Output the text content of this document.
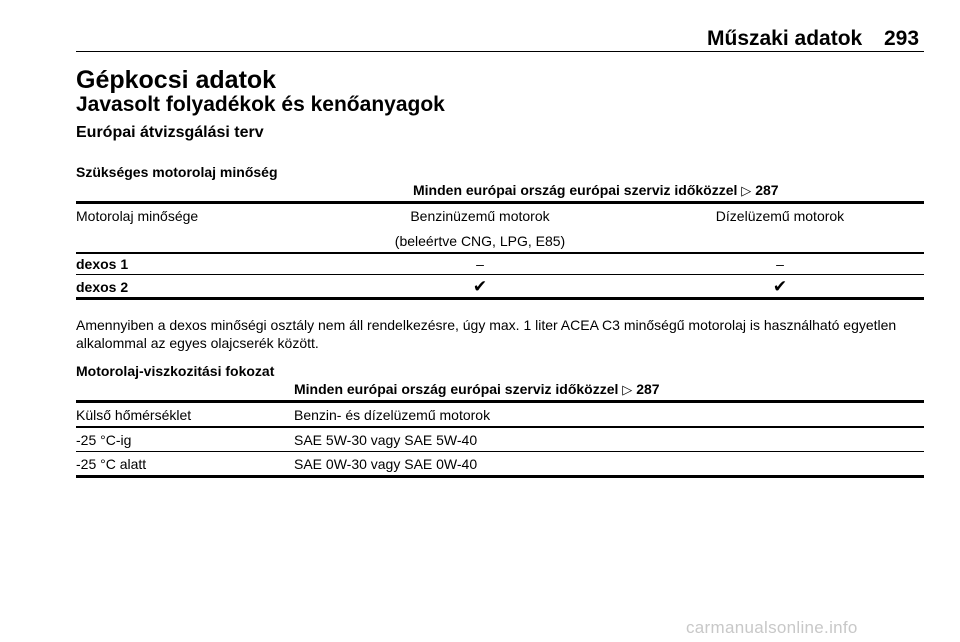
Műszaki adatok 293
Gépkocsi adatok
Javasolt folyadékok és kenőanyagok
Európai átvizsgálási terv
Szükséges motorolaj minőség
Minden európai ország európai szerviz időközzel ▷ 287
Motorolaj minősége	Benzinüzemű motorok	Dízelüzemű motorok
(beleértve CNG, LPG, E85)
dexos 1	–	–
dexos 2	✔	✔
Amennyiben a dexos minőségi osztály nem áll rendelkezésre, úgy max. 1 liter ACEA C3 minőségű motorolaj is használható egyetlen alkalommal az egyes olajcserék között.
Motorolaj-viszkozitási fokozat
Minden európai ország európai szerviz időközzel ▷ 287
Külső hőmérséklet	Benzin- és dízelüzemű motorok
-25 °C-ig	SAE 5W-30 vagy SAE 5W-40
-25 °C alatt	SAE 0W-30 vagy SAE 0W-40
carmanualsonline.info
